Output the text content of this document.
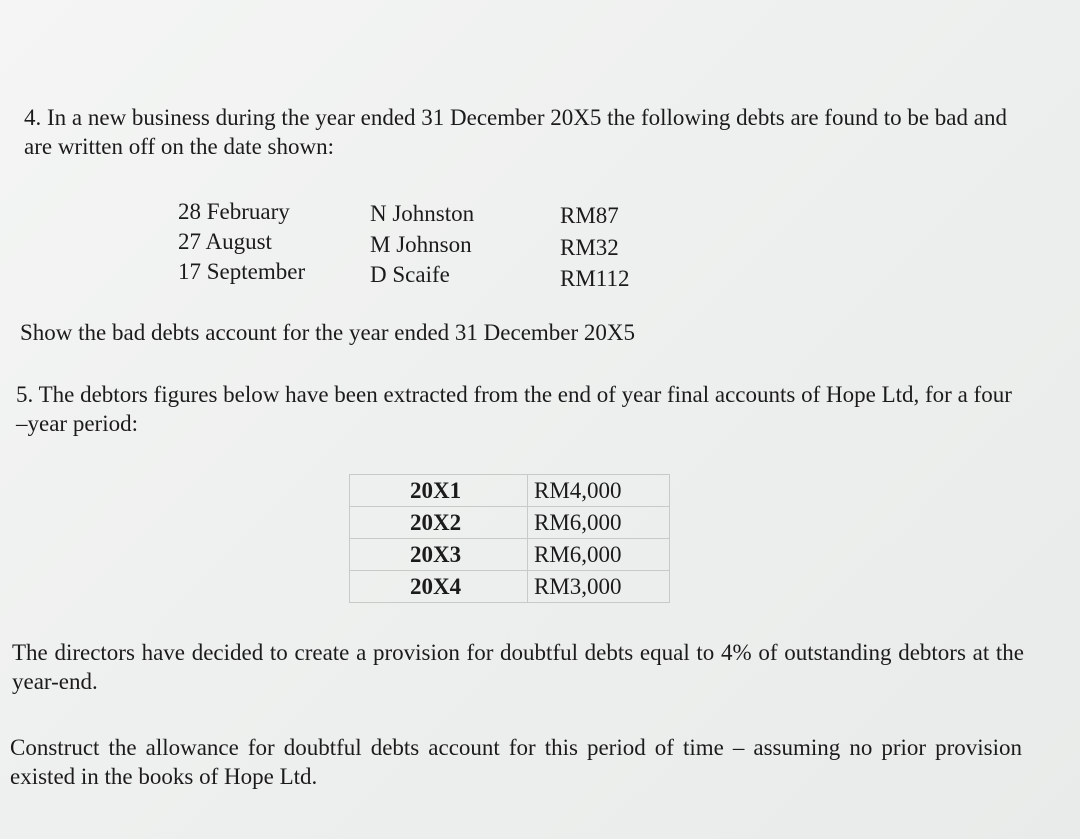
4. In a new business during the year ended 31 December 20X5 the following debts are found to be bad and are written off on the date shown:

28 February	N Johnston	RM87
27 August	M Johnson	RM32
17 September	D Scaife	RM112

Show the bad debts account for the year ended 31 December 20X5

5. The debtors figures below have been extracted from the end of year final accounts of Hope Ltd, for a four –year period:

20X1	RM4,000
20X2	RM6,000
20X3	RM6,000
20X4	RM3,000

The directors have decided to create a provision for doubtful debts equal to 4% of outstanding debtors at the year-end.

Construct the allowance for doubtful debts account for this period of time – assuming no prior provision existed in the books of Hope Ltd.
